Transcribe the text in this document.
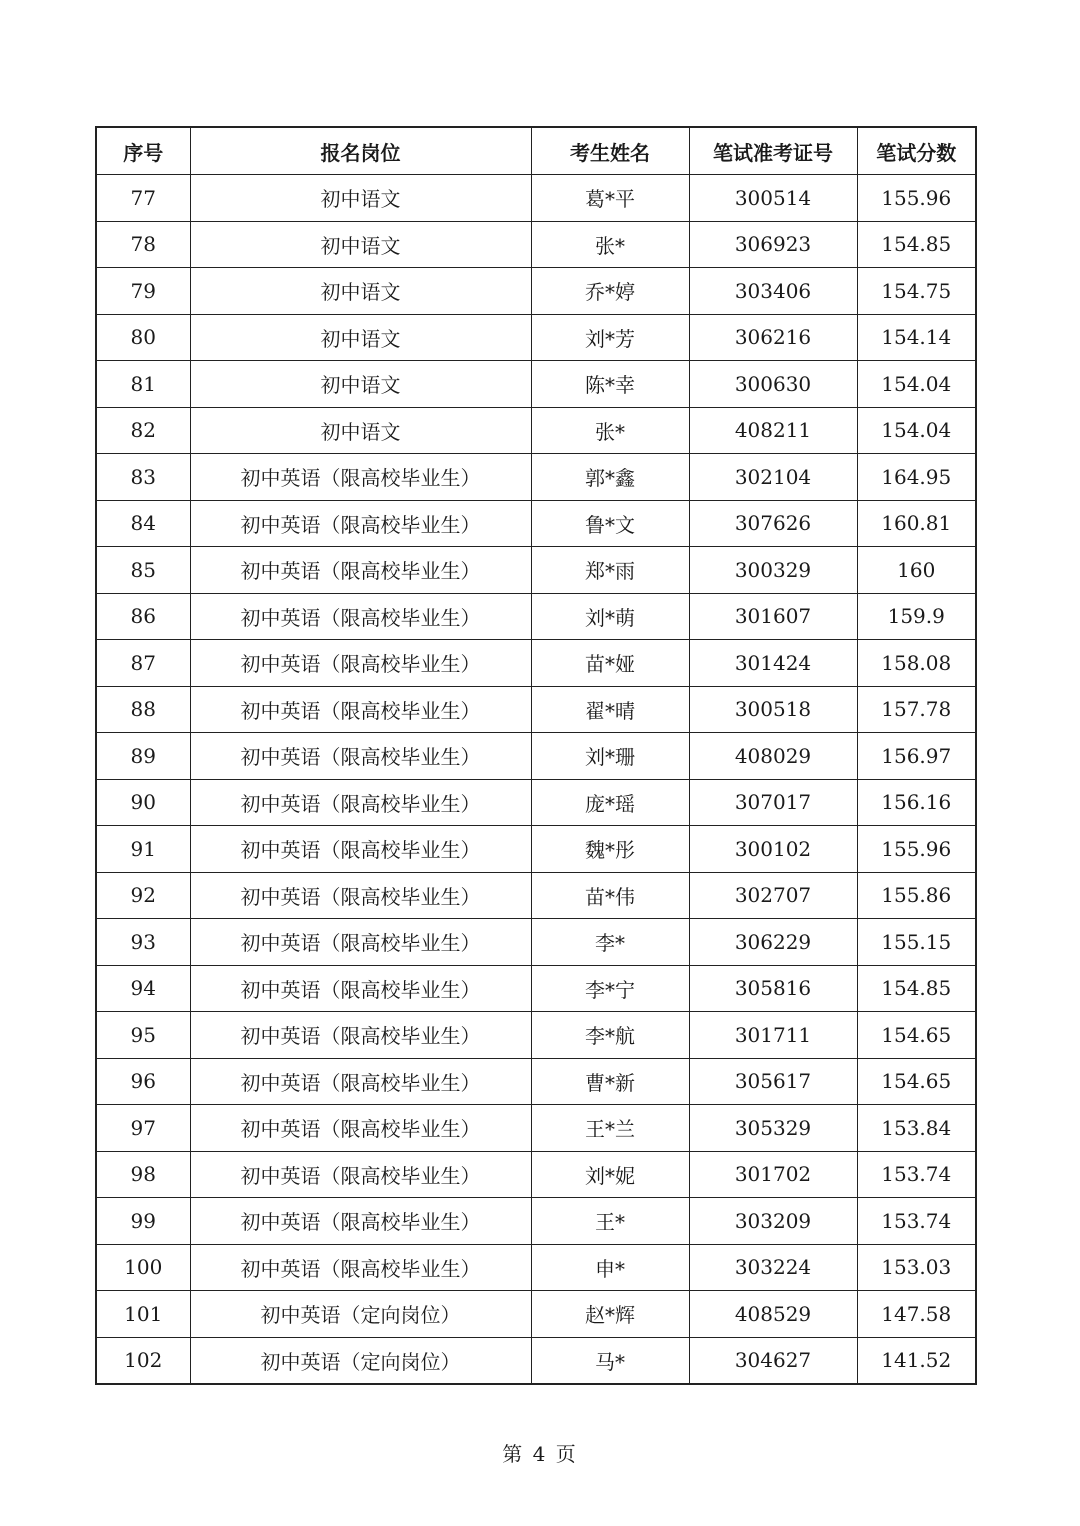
序号	报名岗位	考生姓名	笔试准考证号	笔试分数
77	初中语文	葛*平	300514	155.96
78	初中语文	张*	306923	154.85
79	初中语文	乔*婷	303406	154.75
80	初中语文	刘*芳	306216	154.14
81	初中语文	陈*幸	300630	154.04
82	初中语文	张*	408211	154.04
83	初中英语（限高校毕业生）	郭*鑫	302104	164.95
84	初中英语（限高校毕业生）	鲁*文	307626	160.81
85	初中英语（限高校毕业生）	郑*雨	300329	160
86	初中英语（限高校毕业生）	刘*萌	301607	159.9
87	初中英语（限高校毕业生）	苗*娅	301424	158.08
88	初中英语（限高校毕业生）	翟*晴	300518	157.78
89	初中英语（限高校毕业生）	刘*珊	408029	156.97
90	初中英语（限高校毕业生）	庞*瑶	307017	156.16
91	初中英语（限高校毕业生）	魏*彤	300102	155.96
92	初中英语（限高校毕业生）	苗*伟	302707	155.86
93	初中英语（限高校毕业生）	李*	306229	155.15
94	初中英语（限高校毕业生）	李*宁	305816	154.85
95	初中英语（限高校毕业生）	李*航	301711	154.65
96	初中英语（限高校毕业生）	曹*新	305617	154.65
97	初中英语（限高校毕业生）	王*兰	305329	153.84
98	初中英语（限高校毕业生）	刘*妮	301702	153.74
99	初中英语（限高校毕业生）	王*	303209	153.74
100	初中英语（限高校毕业生）	申*	303224	153.03
101	初中英语（定向岗位）	赵*辉	408529	147.58
102	初中英语（定向岗位）	马*	304627	141.52
第 4 页
